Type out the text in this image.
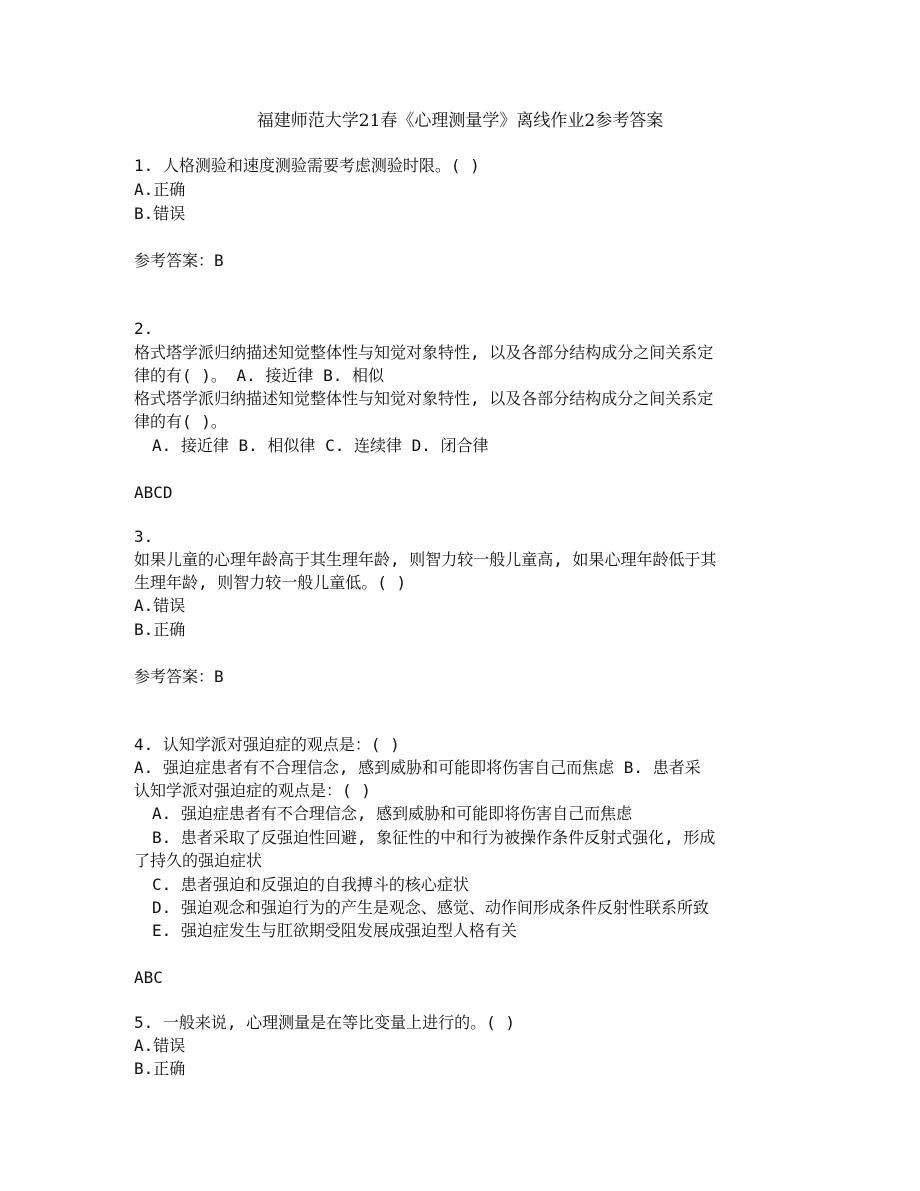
福建师范大学21春《心理测量学》离线作业2参考答案
1. 人格测验和速度测验需要考虑测验时限。( )
A.正确
B.错误
参考答案：B
2.
格式塔学派归纳描述知觉整体性与知觉对象特性, 以及各部分结构成分之间关系定
律的有( )。 A. 接近律 B. 相似
格式塔学派归纳描述知觉整体性与知觉对象特性, 以及各部分结构成分之间关系定
律的有( )。
A. 接近律 B. 相似律 C. 连续律 D. 闭合律
ABCD
3.
如果儿童的心理年龄高于其生理年龄, 则智力较一般儿童高, 如果心理年龄低于其
生理年龄, 则智力较一般儿童低。( )
A.错误
B.正确
参考答案：B
4. 认知学派对强迫症的观点是：( )
A. 强迫症患者有不合理信念, 感到威胁和可能即将伤害自己而焦虑 B. 患者采
认知学派对强迫症的观点是：( )
A. 强迫症患者有不合理信念, 感到威胁和可能即将伤害自己而焦虑
B. 患者采取了反强迫性回避, 象征性的中和行为被操作条件反射式强化, 形成
了持久的强迫症状
C. 患者强迫和反强迫的自我搏斗的核心症状
D. 强迫观念和强迫行为的产生是观念、感觉、动作间形成条件反射性联系所致
E. 强迫症发生与肛欲期受阻发展成强迫型人格有关
ABC
5. 一般来说, 心理测量是在等比变量上进行的。( )
A.错误
B.正确
